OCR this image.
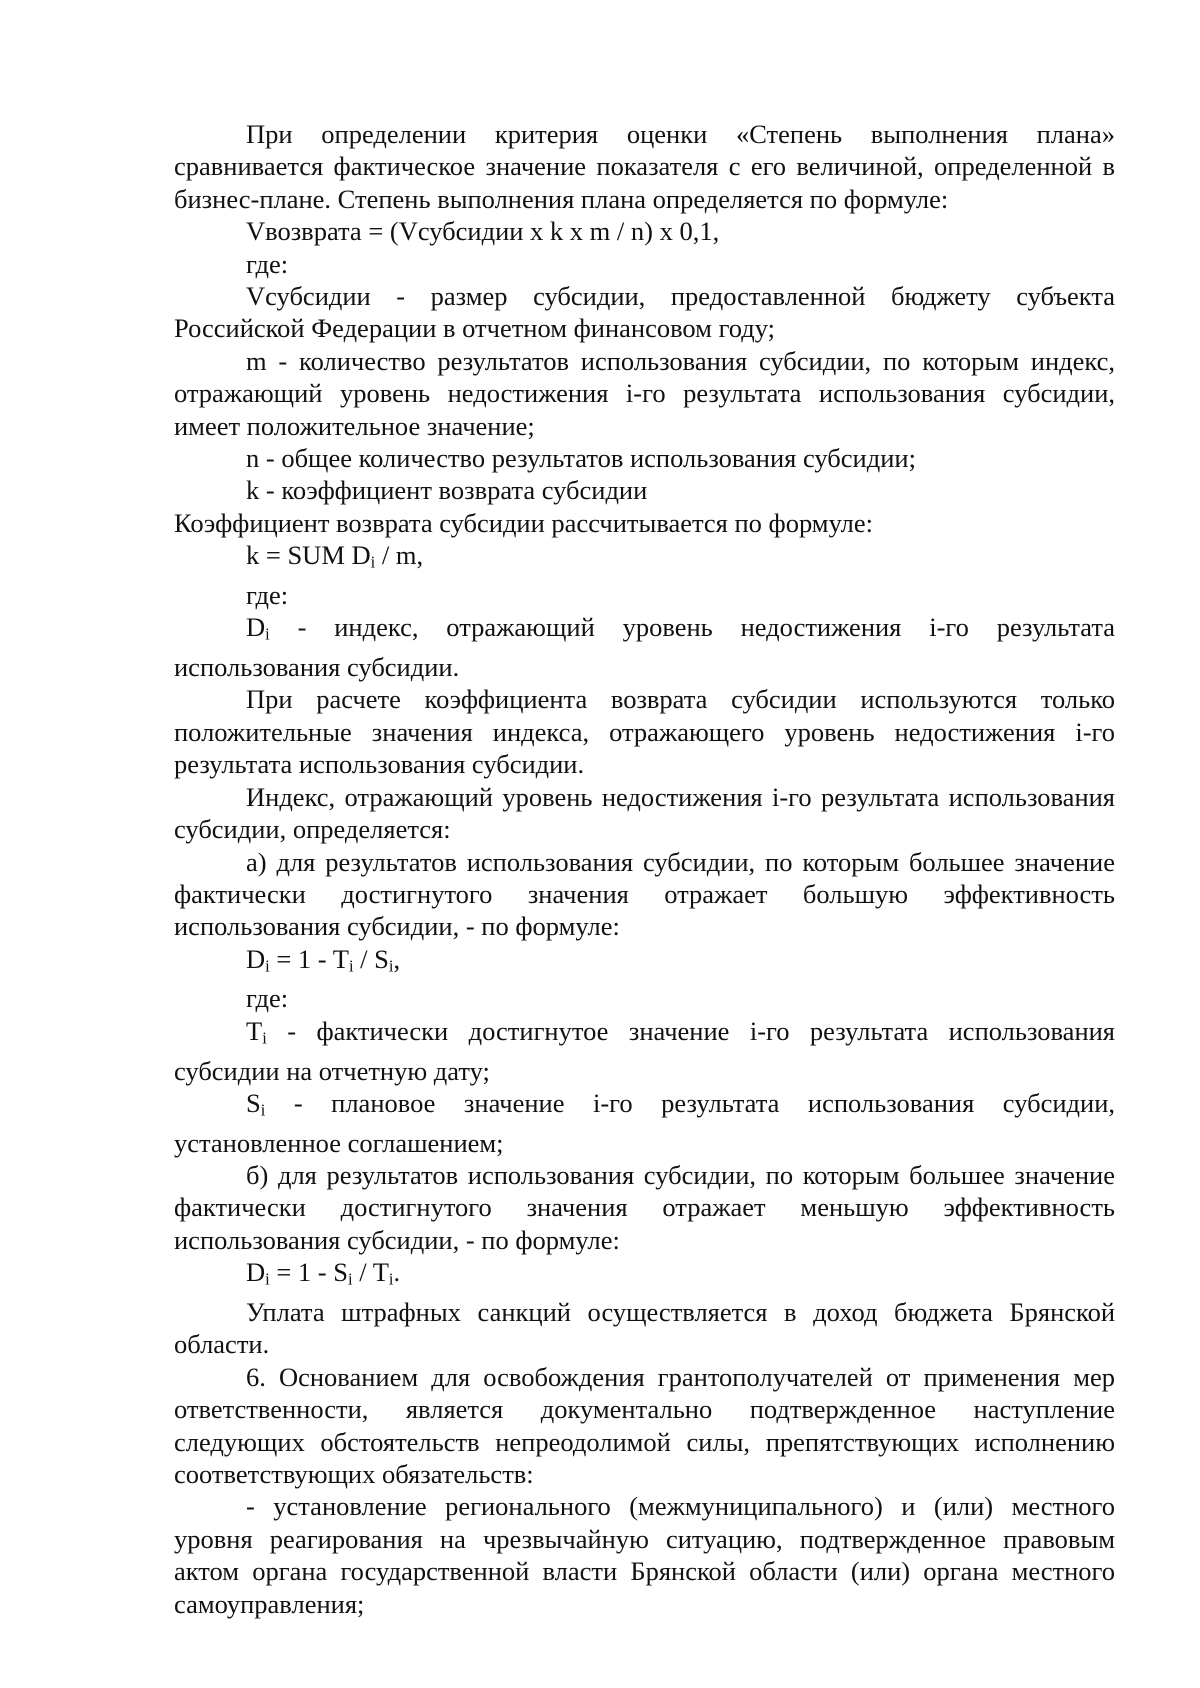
При определении критерия оценки «Степень выполнения плана» сравнивается фактическое значение показателя с его величиной, определенной в бизнес-плане. Степень выполнения плана определяется по формуле:

Vвозврата = (Vсубсидии x k x m / n) x 0,1,

где:

Vсубсидии - размер субсидии, предоставленной бюджету субъекта Российской Федерации в отчетном финансовом году;

m - количество результатов использования субсидии, по которым индекс, отражающий уровень недостижения i-го результата использования субсидии, имеет положительное значение;

n - общее количество результатов использования субсидии;

k - коэффициент возврата субсидии

Коэффициент возврата субсидии рассчитывается по формуле:

k = SUM $D_i$ / m,

где:

$D_i$ - индекс, отражающий уровень недостижения i-го результата использования субсидии.

При расчете коэффициента возврата субсидии используются только положительные значения индекса, отражающего уровень недостижения i-го результата использования субсидии.

Индекс, отражающий уровень недостижения i-го результата использования субсидии, определяется:

а) для результатов использования субсидии, по которым большее значение фактически достигнутого значения отражает большую эффективность использования субсидии, - по формуле:

$D_i = 1 - T_i / S_i$,

где:

$T_i$ - фактически достигнутое значение i-го результата использования субсидии на отчетную дату;

$S_i$ - плановое значение i-го результата использования субсидии, установленное соглашением;

б) для результатов использования субсидии, по которым большее значение фактически достигнутого значения отражает меньшую эффективность использования субсидии, - по формуле:

$D_i = 1 - S_i / T_i$.

Уплата штрафных санкций осуществляется в доход бюджета Брянской области.

6. Основанием для освобождения грантополучателей от применения мер ответственности, является документально подтвержденное наступление следующих обстоятельств непреодолимой силы, препятствующих исполнению соответствующих обязательств:

- установление регионального (межмуниципального) и (или) местного уровня реагирования на чрезвычайную ситуацию, подтвержденное правовым актом органа государственной власти Брянской области (или) органа местного самоуправления;
